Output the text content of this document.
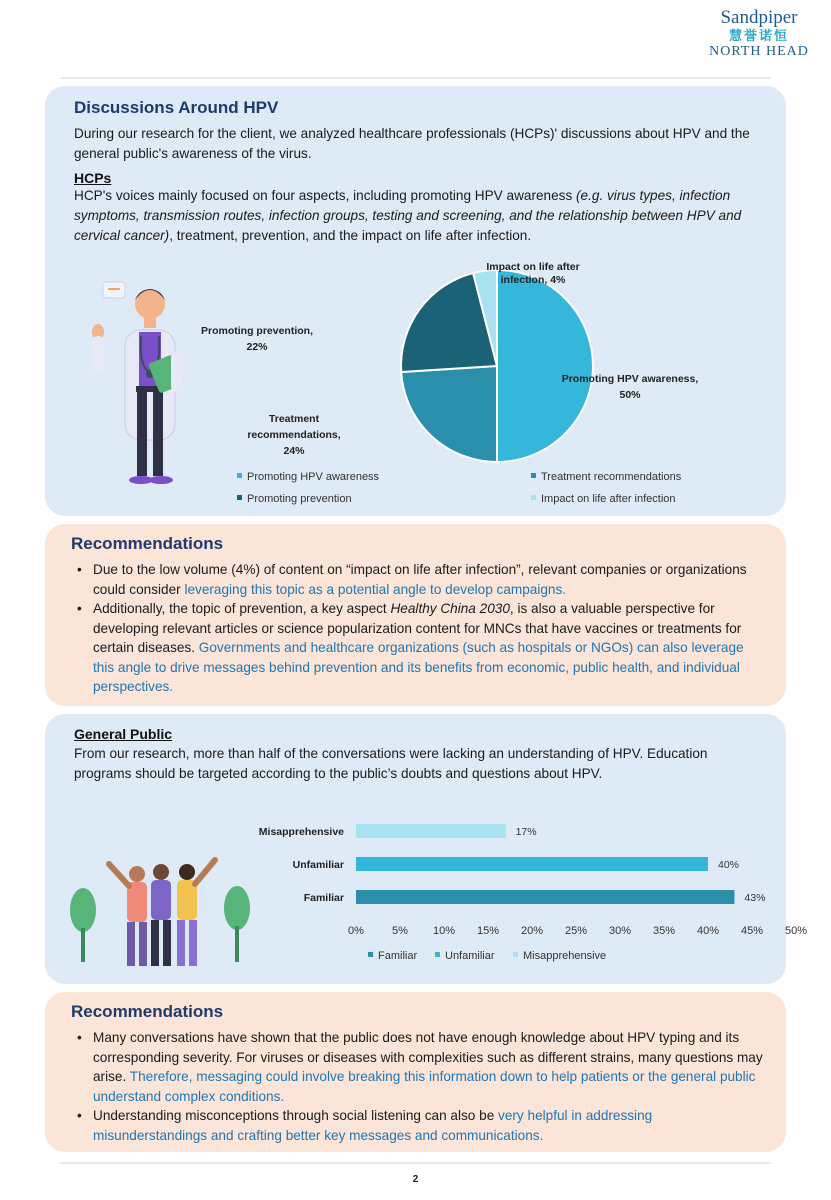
Sandpiper
慧誉诺恒
NORTH HEAD
Discussions Around HPV
During our research for the client, we analyzed healthcare professionals (HCPs)' discussions about HPV and the general public's awareness of the virus.
HCPs
HCP's voices mainly focused on four aspects, including promoting HPV awareness (e.g. virus types, infection symptoms, transmission routes, infection groups, testing and screening, and the relationship between HPV and cervical cancer), treatment, prevention, and the impact on life after infection.
Impact on life after infection, 4%
Promoting prevention, 22%
Promoting HPV awareness, 50%
Treatment recommendations, 24%
Promoting HPV awareness	Treatment recommendations
Promoting prevention	Impact on life after infection
Recommendations
• Due to the low volume (4%) of content on “impact on life after infection”, relevant companies or organizations could consider leveraging this topic as a potential angle to develop campaigns.
• Additionally, the topic of prevention, a key aspect Healthy China 2030, is also a valuable perspective for developing relevant articles or science popularization content for MNCs that have vaccines or treatments for certain diseases. Governments and healthcare organizations (such as hospitals or NGOs) can also leverage this angle to drive messages behind prevention and its benefits from economic, public health, and individual perspectives.
General Public
From our research, more than half of the conversations were lacking an understanding of HPV. Education programs should be targeted according to the public’s doubts and questions about HPV.
0%	5% 10% 15% 20% 25% 30% 35% 40% 45% 50%
Misapprehensive	17%
Unfamiliar	40%
Familiar	43%
Familiar	Unfamiliar	Misapprehensive
Recommendations
• Many conversations have shown that the public does not have enough knowledge about HPV typing and its corresponding severity. For viruses or diseases with complexities such as different strains, many questions may arise. Therefore, messaging could involve breaking this information down to help patients or the general public understand complex conditions.
• Understanding misconceptions through social listening can also be very helpful in addressing misunderstandings and crafting better key messages and communications.
2
